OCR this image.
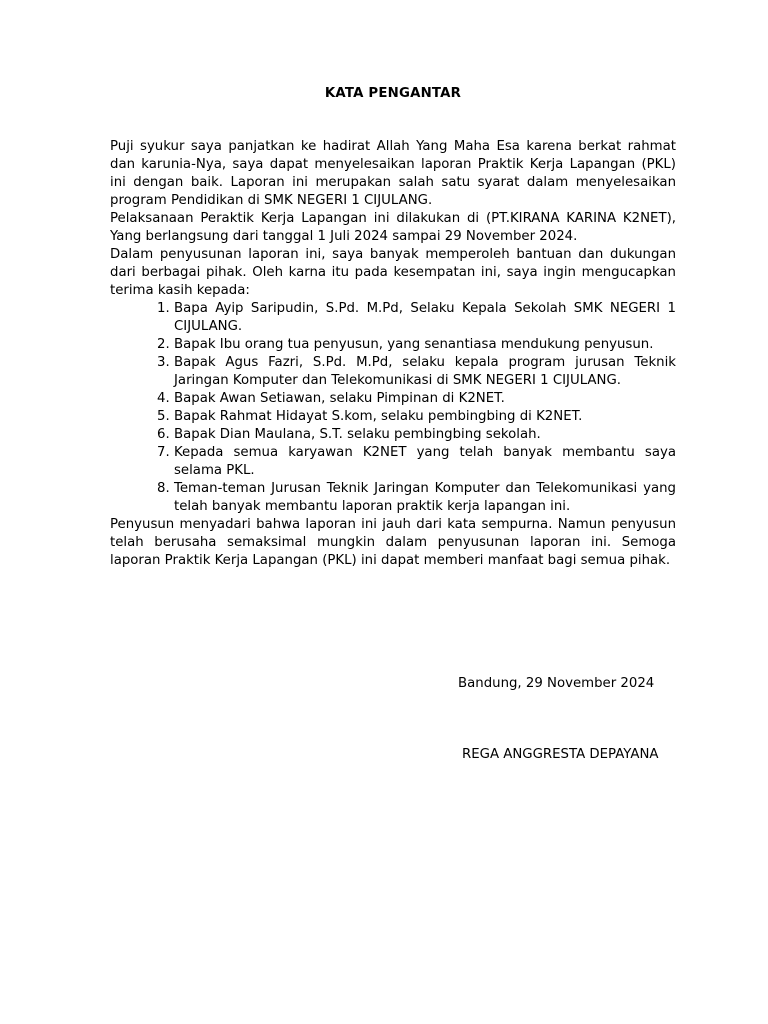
KATA PENGANTAR

Puji syukur saya panjatkan ke hadirat Allah Yang Maha Esa karena berkat rahmat dan karunia-Nya, saya dapat menyelesaikan laporan Praktik Kerja Lapangan (PKL) ini dengan baik. Laporan ini merupakan salah satu syarat dalam menyelesaikan program Pendidikan di SMK NEGERI 1 CIJULANG.

Pelaksanaan Peraktik Kerja Lapangan ini dilakukan di (PT.KIRANA KARINA K2NET), Yang berlangsung dari tanggal 1 Juli 2024 sampai 29 November 2024.

Dalam penyusunan laporan ini, saya banyak memperoleh bantuan dan dukungan dari berbagai pihak. Oleh karna itu pada kesempatan ini, saya ingin mengucapkan terima kasih kepada:

1. Bapa Ayip Saripudin, S.Pd. M.Pd, Selaku Kepala Sekolah SMK NEGERI 1 CIJULANG.
2. Bapak Ibu orang tua penyusun, yang senantiasa mendukung penyusun.
3. Bapak Agus Fazri, S.Pd. M.Pd, selaku kepala program jurusan Teknik Jaringan Komputer dan Telekomunikasi di SMK NEGERI 1 CIJULANG.
4. Bapak Awan Setiawan, selaku Pimpinan di K2NET.
5. Bapak Rahmat Hidayat S.kom, selaku pembingbing di K2NET.
6. Bapak Dian Maulana, S.T. selaku pembingbing sekolah.
7. Kepada semua karyawan K2NET yang telah banyak membantu saya selama PKL.
8. Teman-teman Jurusan Teknik Jaringan Komputer dan Telekomunikasi yang telah banyak membantu laporan praktik kerja lapangan ini.

Penyusun menyadari bahwa laporan ini jauh dari kata sempurna. Namun penyusun telah berusaha semaksimal mungkin dalam penyusunan laporan ini. Semoga laporan Praktik Kerja Lapangan (PKL) ini dapat memberi manfaat bagi semua pihak.

Bandung, 29 November 2024
REGA ANGGRESTA DEPAYANA
